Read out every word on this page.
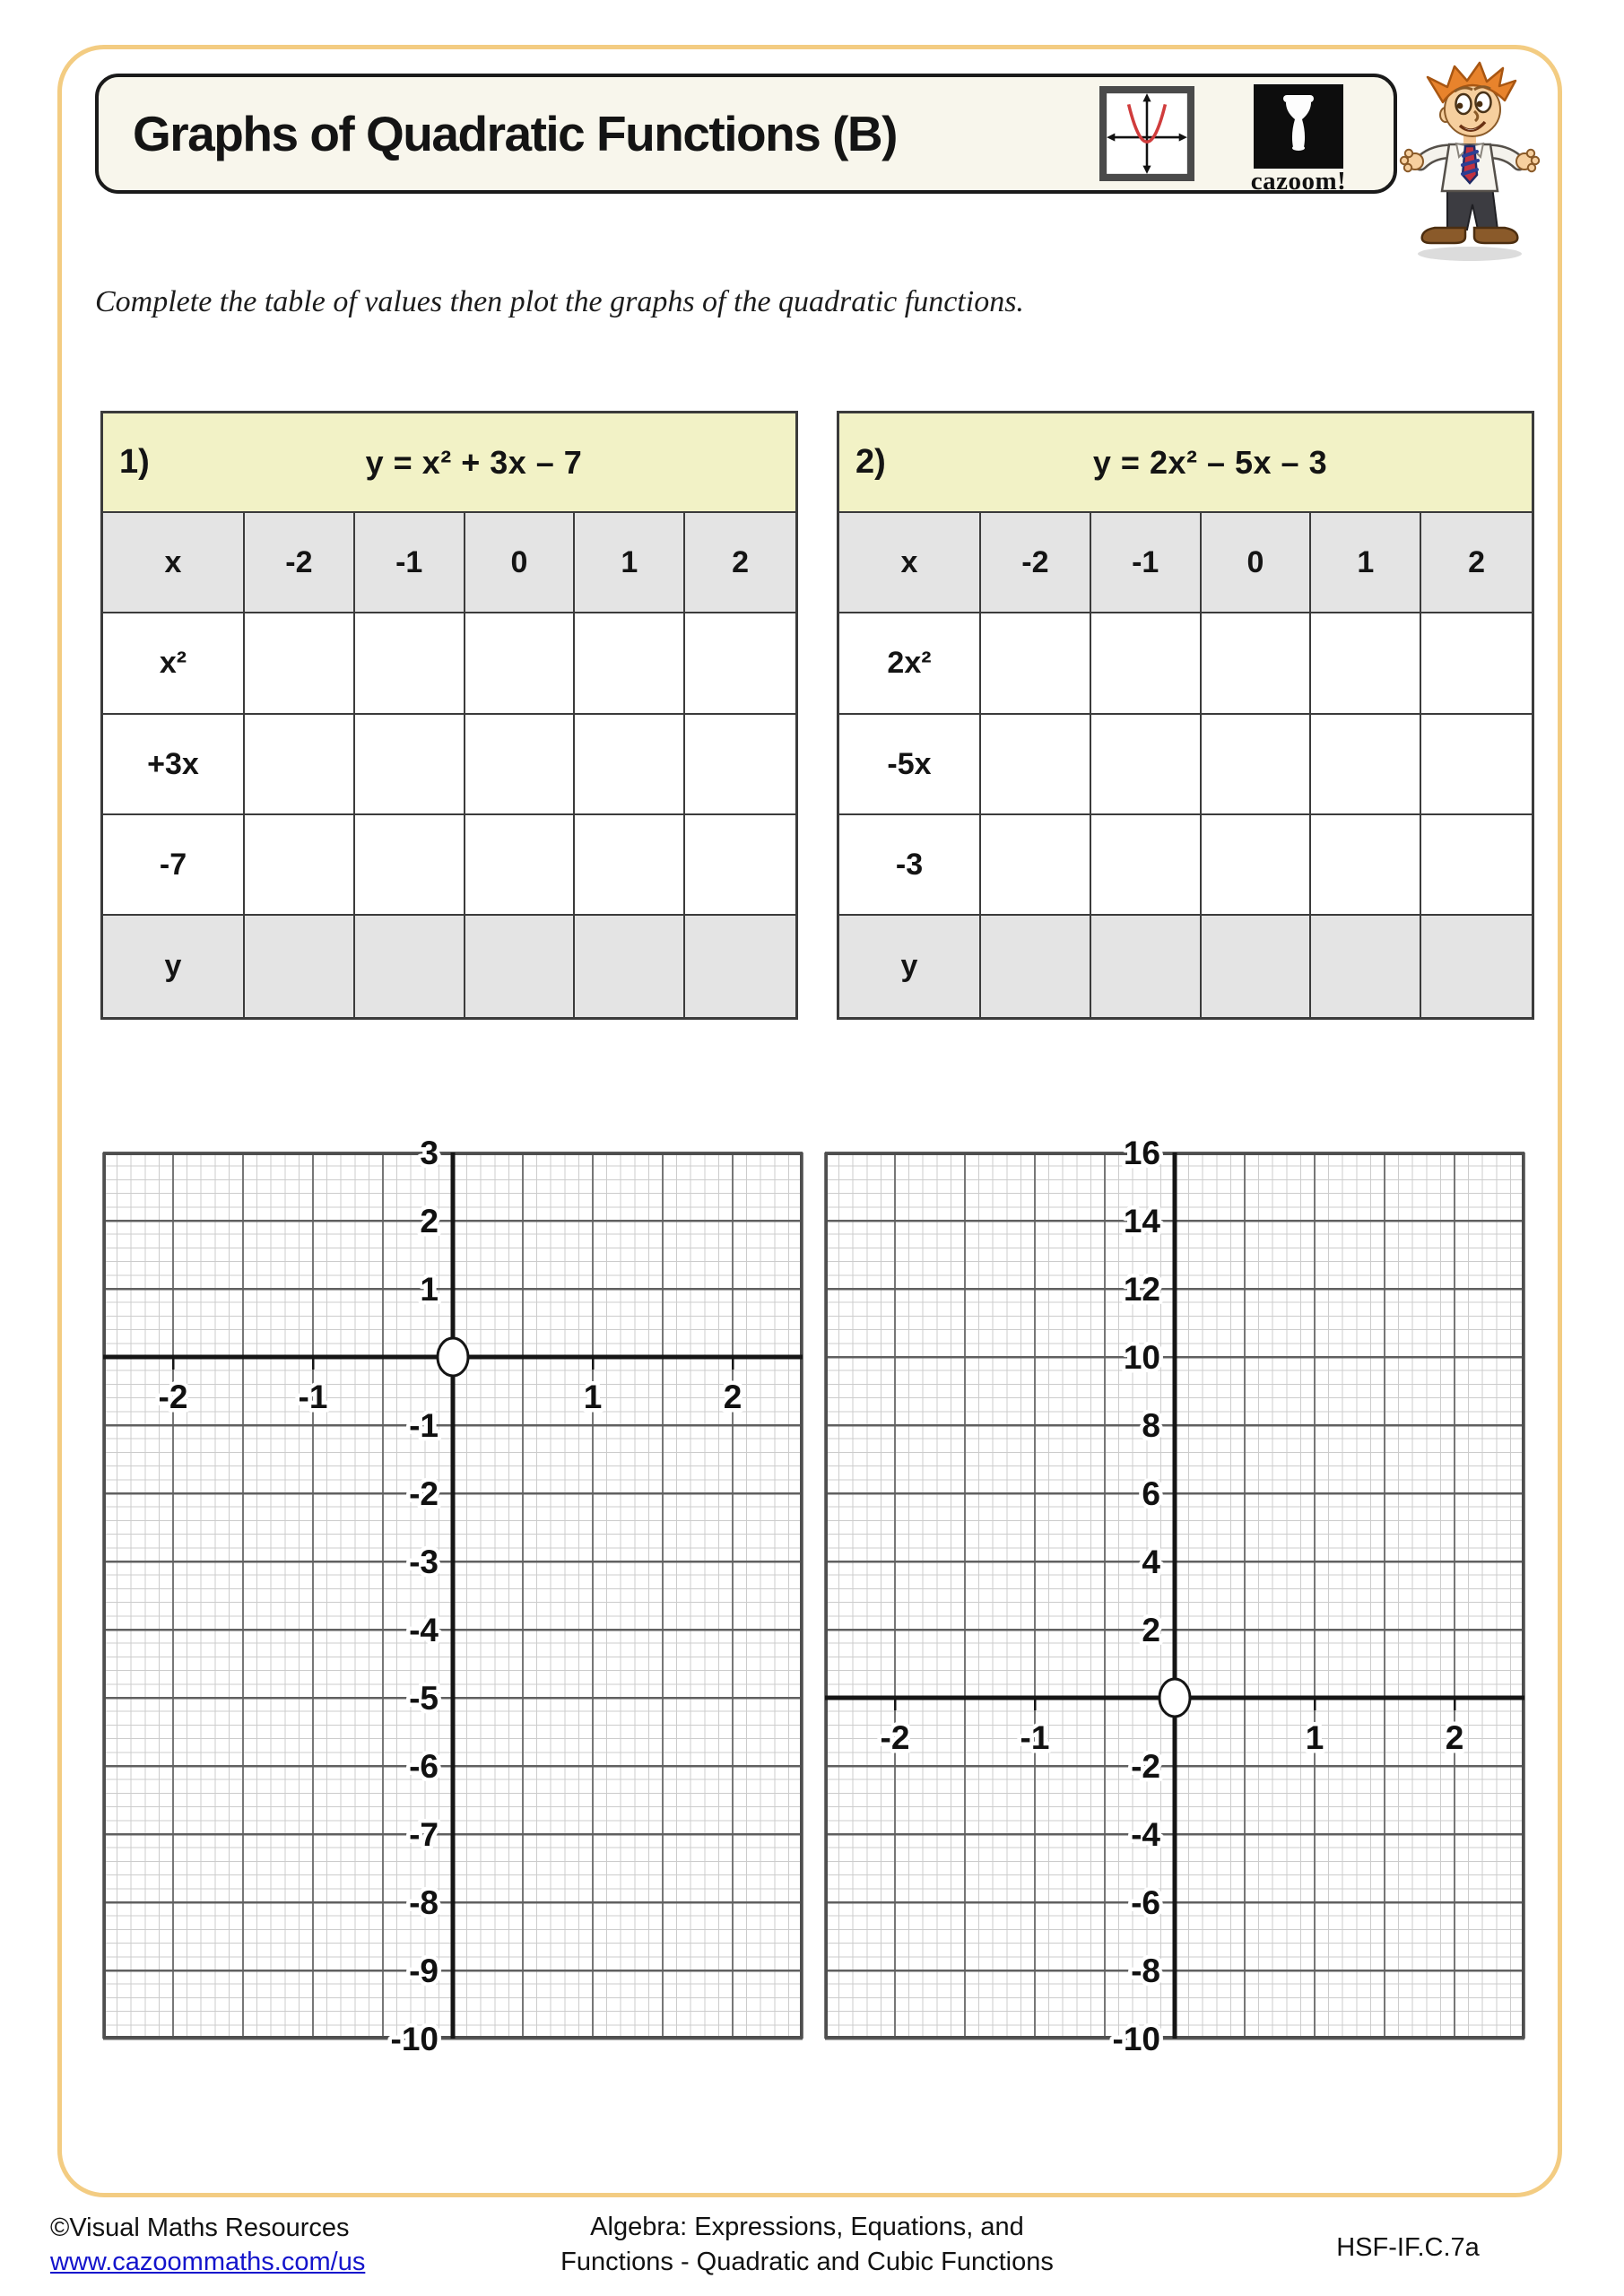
Graphs of Quadratic Functions (B)
cazoom!
Complete the table of values then plot the graphs of the quadratic functions.
1)	y = x² + 3x – 7
x	-2	-1	0	1	2
x²
+3x
-7
y
2)	y = 2x² – 5x – 3
x	-2	-1	0	1	2
2x²
-5x
-3
y
3
2
1
-1
-2
-3
-4
-5
-6
-7
-8
-9
-10
-2	-1	1	2
16
14
12
10
8
6
4
2
-2
-4
-6
-8
-10
-2	-1	1	2
©Visual Maths Resources
www.cazoommaths.com/us
Algebra: Expressions, Equations, and
Functions - Quadratic and Cubic Functions	HSF-IF.C.7a
